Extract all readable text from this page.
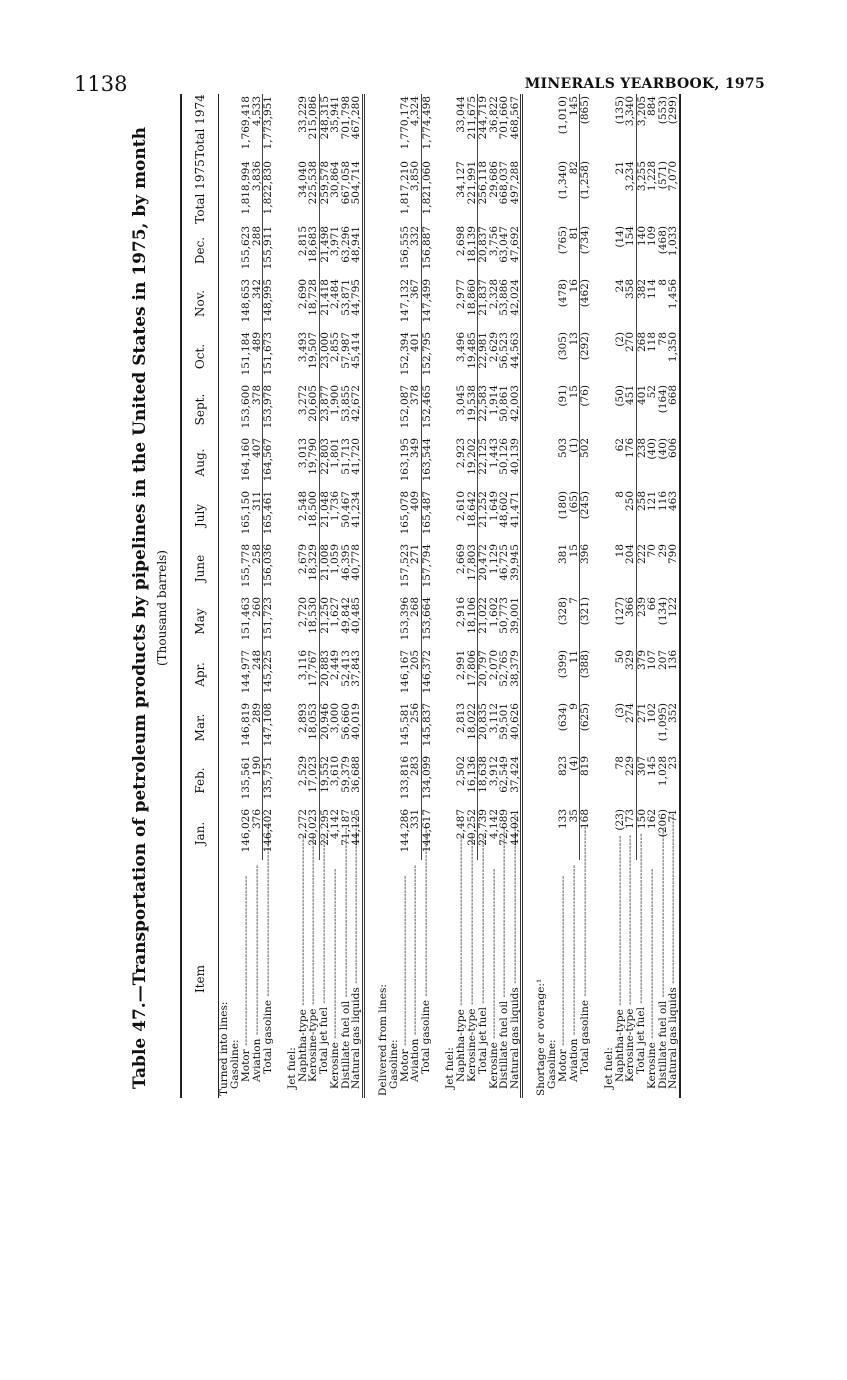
1138	MINERALS YEARBOOK, 1975
Table 47.—Transportation of petroleum products by pipelines in the United States in 1975, by month (Thousand barrels)
Item	Jan.	Feb.	Mar.	Apr.	May	June	July	Aug.	Sept.	Oct.	Nov.	Dec.	Total 1975	Total 1974
Turned into lines:														
Gasoline:														
Motor -----	146,026	135,561	146,819	144,977	151,463	155,778	165,150	164,160	153,600	151,184	148,653	155,623	1,818,994	1,769,418
Aviation -----	376	190	289	248	260	258	311	407	378	489	342	288	3,836	4,533
Total gasoline -----	146,402	135,751	147,108	145,225	151,723	156,036	165,461	164,567	153,978	151,673	148,995	155,911	1,822,830	1,773,951

Jet fuel:														
Naphtha-type -----	2,272	2,529	2,893	3,116	2,720	2,679	2,548	3,013	3,272	3,493	2,690	2,815	34,040	33,229
Kerosine-type -----	20,023	17,023	18,053	17,767	18,530	18,329	18,500	19,790	20,605	19,507	18,728	18,683	225,538	215,086
Total jet fuel -----	22,295	19,552	20,946	20,883	21,250	21,008	21,048	22,803	23,877	23,000	21,418	21,498	259,578	248,315
Kerosine -----	4,142	3,610	3,000	2,449	1,627	1,059	1,736	1,801	1,900	2,855	2,484	3,971	30,864	35,941
Distillate fuel oil -----	71,187	59,379	56,660	52,413	49,842	46,395	50,467	51,713	53,855	57,987	53,871	63,296	667,058	701,798
Natural gas liquids -----	44,125	36,688	40,019	37,843	40,485	40,778	41,234	41,720	42,672	45,414	44,795	48,941	504,714	467,280

Delivered from lines:														
Gasoline:														
Motor -----	144,286	133,816	145,581	146,167	153,396	157,523	165,078	163,195	152,087	152,394	147,132	156,555	1,817,210	1,770,174
Aviation -----	331	283	256	205	268	271	409	349	378	401	367	332	3,850	4,324
Total gasoline -----	144,617	134,099	145,837	146,372	153,664	157,794	165,487	163,544	152,465	152,795	147,499	156,887	1,821,060	1,774,498

Jet fuel:														
Naphtha-type -----	2,487	2,502	2,813	2,991	2,916	2,669	2,610	2,923	3,045	3,496	2,977	2,698	34,127	33,044
Kerosine-type -----	20,252	16,136	18,022	17,806	18,106	17,803	18,642	19,202	19,538	19,485	18,860	18,139	221,991	211,675
Total jet fuel -----	22,739	18,638	20,835	20,797	21,022	20,472	21,252	22,125	22,583	22,981	21,837	20,837	256,118	244,719
Kerosine -----	4,142	3,912	3,112	2,070	1,602	1,129	1,649	1,443	1,914	2,629	2,328	3,756	29,686	36,822
Distillate fuel oil -----	72,689	62,549	59,501	52,765	50,773	46,725	48,602	50,126	50,861	56,523	53,886	63,047	668,037	701,660
Natural gas liquids -----	44,021	37,424	40,626	38,379	39,001	39,945	41,471	40,139	42,003	44,563	42,024	47,692	497,288	468,567

Shortage or overage:¹														
Gasoline:														
Motor -----	133	823	(634)	(399)	(328)	381	(180)	503	(91)	(305)	(478)	(765)	(1,340)	(1,010)
Aviation -----	35	(4)	9	11	7	15	(65)	(1)	15	13	16	81	82	145
Total gasoline -----	168	819	(625)	(388)	(321)	396	(245)	502	(76)	(292)	(462)	(734)	(1,258)	(865)

Jet fuel:														
Naphtha-type -----	(23)	78	(3)	50	(127)	18	8	62	(50)	(2)	24	(14)	21	(135)
Kerosine-type -----	173	229	274	329	366	204	250	176	451	270	358	154	3,234	3,340
Total jet fuel -----	150	307	271	379	239	222	258	238	401	268	382	140	3,255	3,205
Kerosine -----	162	145	102	107	66	70	121	(40)	52	118	114	109	1,228	884
Distillate fuel oil -----	(206)	1,028	(1,095)	207	(134)	29	116	(40)	(164)	78	8	(468)	(571)	(553)
Natural gas liquids -----	71	23	352	136	122	790	463	606	668	1,350	1,456	1,033	7,070	(299)
